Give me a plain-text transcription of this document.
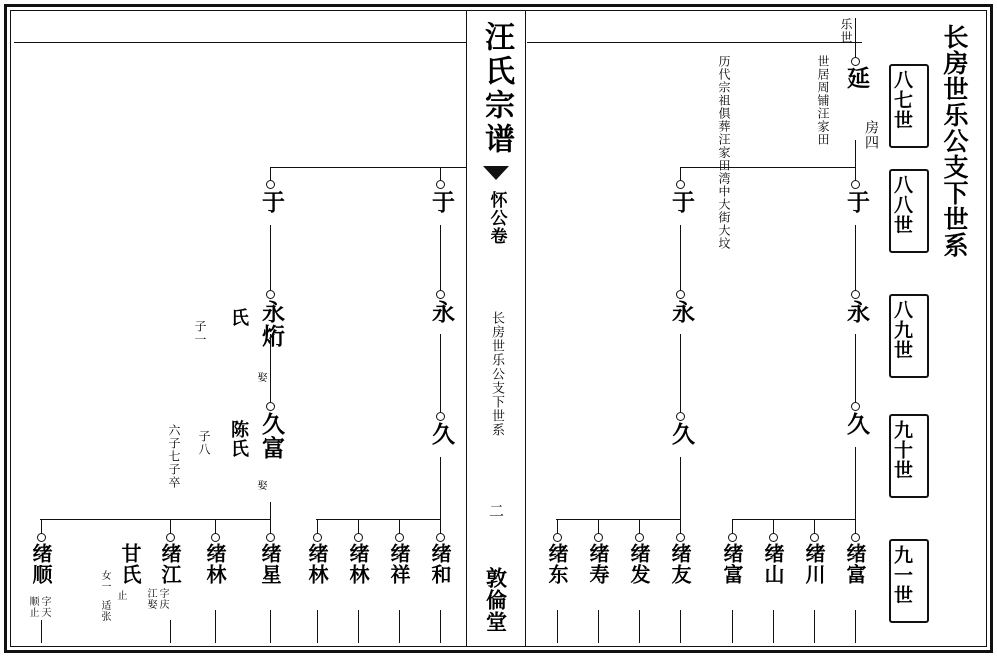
长房世乐公支下世系
八七世
八八世
八九世
九十世
九一世
汪氏宗谱
怀公卷
长房世乐公支下世系
二
敦倫堂
延
乐世
房四
世居周铺汪家田
历代宗祖俱葬汪家田湾中大街大坟	于
于
永
永
久
久
绪富
绪川
绪山
绪富
绪友
绪发
绪寿
绪东
于
于
永
永烆
氏
子一
娶
久
久富
陈氏
子八
六子七子卒	娶
绪和
绪祥
绪林
绪林
绪星
绪林
绪江
江娶 字庆
甘氏
止
女一
适张
绪顺
顺止 字天
